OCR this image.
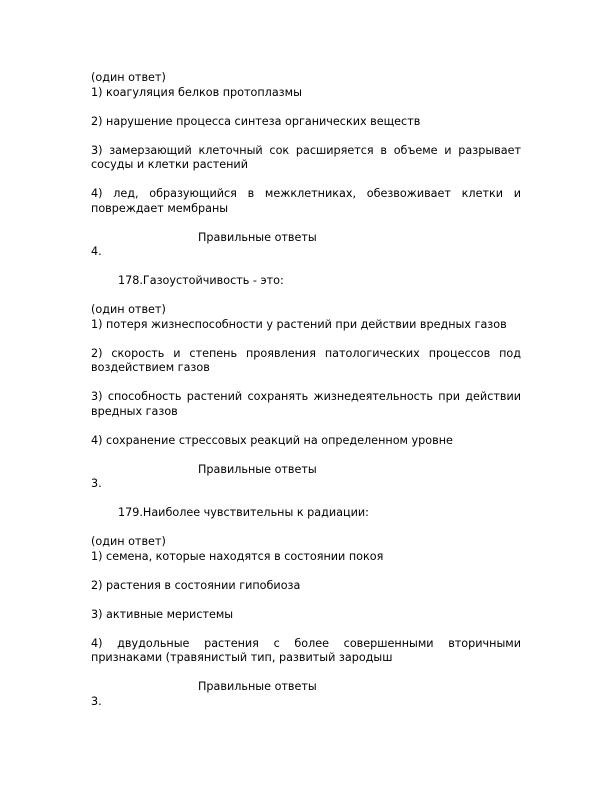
(один ответ)

1) коагуляция белков протоплазмы

2) нарушение процесса синтеза органических веществ

3) замерзающий клеточный сок расширяется в объеме и разрывает сосуды и клетки растений

4) лед, образующийся в межклетниках, обезвоживает клетки и повреждает мембраны

Правильные ответы

4.

178.Газоустойчивость - это:

(один ответ)

1) потеря жизнеспособности у растений при действии вредных газов

2) скорость и степень проявления патологических процессов под воздействием газов

3) способность растений сохранять жизнедеятельность при действии вредных газов

4) сохранение стрессовых реакций на определенном уровне

Правильные ответы

3.

179.Наиболее чувствительны к радиации:

(один ответ)

1) семена, которые находятся в состоянии покоя

2) растения в состоянии гипобиоза

3) активные меристемы

4) двудольные растения с более совершенными вторичными признаками (травянистый тип, развитый зародыш

Правильные ответы

3.
